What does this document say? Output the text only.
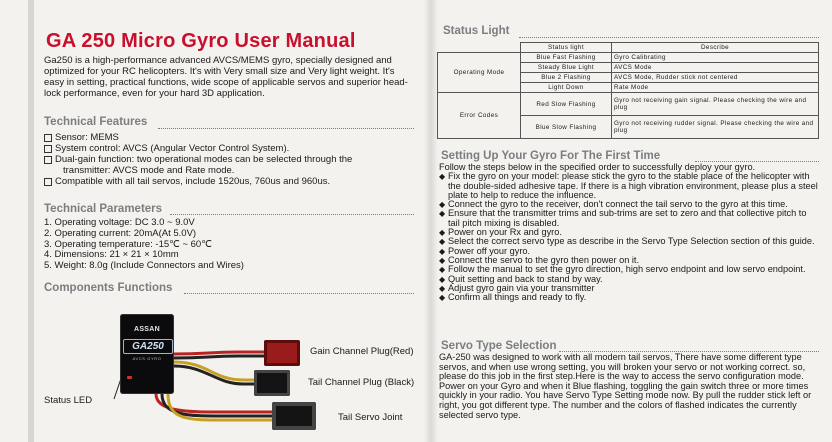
GA 250 Micro Gyro User Manual

Ga250 is a high-performance advanced AVCS/MEMS gyro, specially designed and optimized for your RC helicopters. It's with Very small size and Very light weight. It's easy in setting, practical functions, wide scope of applicable servos and superior head-lock performance, even for your hard 3D application.

Technical Features
Sensor: MEMS
System control: AVCS (Angular Vector Control System).
Dual-gain function: two operational modes can be selected through the
transmitter: AVCS mode and Rate mode.
Compatible with all tail servos, include 1520us, 760us and 960us.
Technical Parameters
1. Operating voltage: DC 3.0 ~ 9.0V
2. Operating current: 20mA(At 5.0V)
3. Operating temperature: -15℃ ~ 60℃
4. Dimensions: 21 × 21 × 10mm
5. Weight: 8.0g (Include Connectors and Wires)
Components Functions
ASSAN
GA250
AVCS GYRO
Gain Channel Plug(Red)
Tail Channel Plug (Black)
Status LED
Tail Servo Joint
Status Light
	Status light	Describe
Operating Mode	Blue Fast Flashing	Gyro Calibrating
	Steady Blue Light	AVCS Mode
	Blue 2 Flashing	AVCS Mode, Rudder stick not centered
	Light Down	Rate Mode
Error Codes	Red Slow Flashing	Gyro not receiving gain signal. Please checking the wire and plug
	Blue Slow Flashing	Gyro not receiving rudder signal. Please checking the wire and plug
Setting Up Your Gyro For The First Time
Follow the steps below in the specified order to successfully deploy your gyro.
◆ Fix the gyro on your model: please stick the gyro to the stable place of the helicopter with the double-sided adhesive tape. If there is a high vibration environment, please plus a steel plate to help to reduce the influence.
◆ Connect the gyro to the receiver, don't connect the tail servo to the gyro at this time.
◆ Ensure that the transmitter trims and sub-trims are set to zero and that collective pitch to tail pitch mixing is disabled.
◆ Power on your Rx and gyro.
◆ Select the correct servo type as describe in the Servo Type Selection section of this guide.
◆ Power off your gyro.
◆ Connect the servo to the gyro then power on it.
◆ Follow the manual to set the gyro direction, high servo endpoint and low servo endpoint.
◆ Quit setting and back to stand by way.
◆ Adjust gyro gain via your transmitter
◆ Confirm all things and ready to fly.
Servo Type Selection

GA-250 was designed to work with all modern tail servos, There have some different type servos, and when use wrong setting, you will broken your servo or not working correct. so, please do this job in the first step.Here is the way to access the servo configuration mode. Power on your Gyro and when it Blue flashing, toggling the gain switch three or more times quickly in your radio. You have Servo Type Setting mode now. By pull the rudder stick left or right, you got different type. The number and the colors of flashed indicates the currently selected servo type.
